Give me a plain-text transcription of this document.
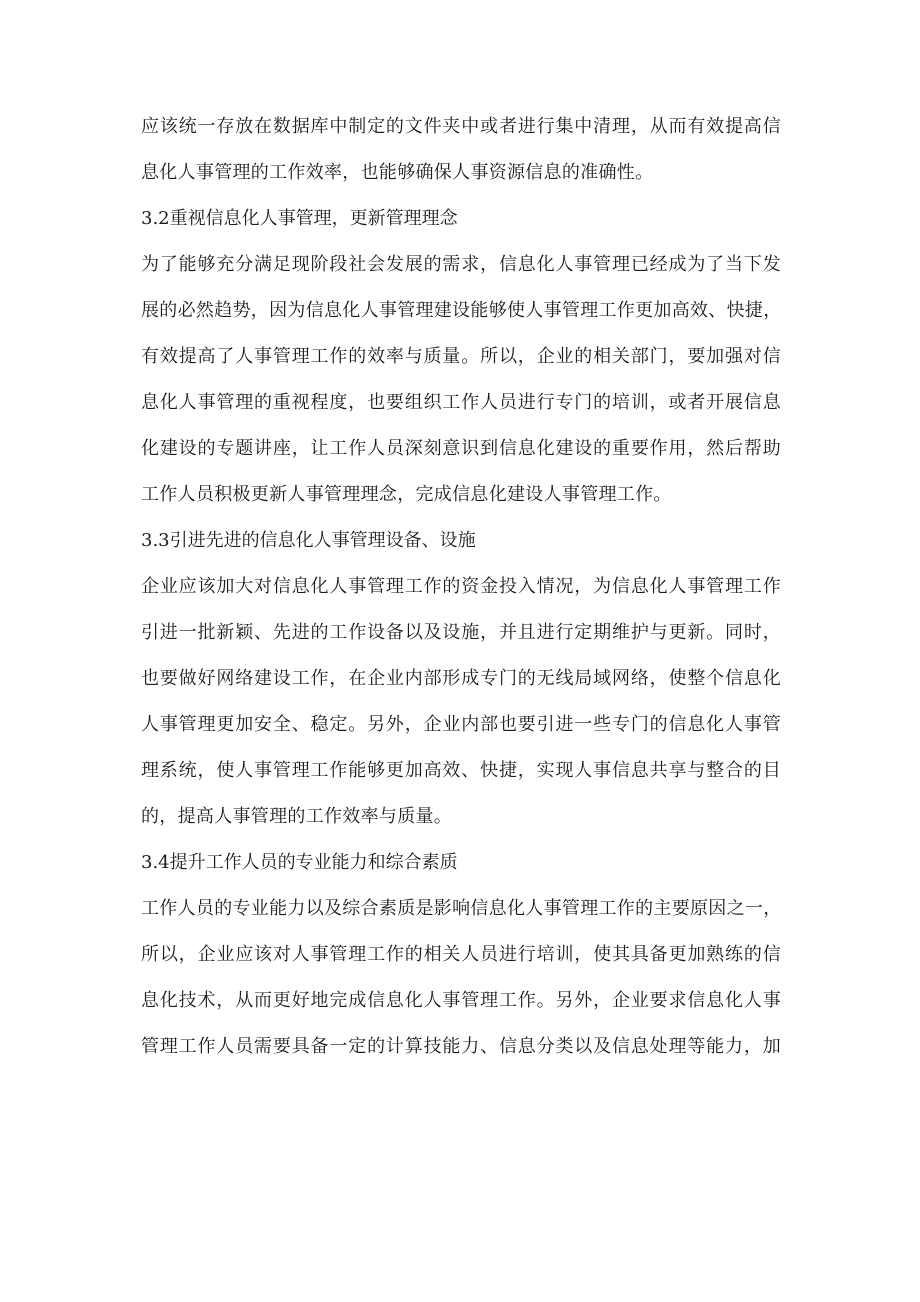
应该统一存放在数据库中制定的文件夹中或者进行集中清理，从而有效提高信
息化人事管理的工作效率，也能够确保人事资源信息的准确性。

3.2重视信息化人事管理，更新管理理念

为了能够充分满足现阶段社会发展的需求，信息化人事管理已经成为了当下发
展的必然趋势，因为信息化人事管理建设能够使人事管理工作更加高效、快捷，
有效提高了人事管理工作的效率与质量。所以，企业的相关部门，要加强对信
息化人事管理的重视程度，也要组织工作人员进行专门的培训，或者开展信息
化建设的专题讲座，让工作人员深刻意识到信息化建设的重要作用，然后帮助
工作人员积极更新人事管理理念，完成信息化建设人事管理工作。

3.3引进先进的信息化人事管理设备、设施

企业应该加大对信息化人事管理工作的资金投入情况，为信息化人事管理工作
引进一批新颖、先进的工作设备以及设施，并且进行定期维护与更新。同时，
也要做好网络建设工作，在企业内部形成专门的无线局域网络，使整个信息化
人事管理更加安全、稳定。另外，企业内部也要引进一些专门的信息化人事管
理系统，使人事管理工作能够更加高效、快捷，实现人事信息共享与整合的目
的，提高人事管理的工作效率与质量。

3.4提升工作人员的专业能力和综合素质

工作人员的专业能力以及综合素质是影响信息化人事管理工作的主要原因之一，
所以，企业应该对人事管理工作的相关人员进行培训，使其具备更加熟练的信
息化技术，从而更好地完成信息化人事管理工作。另外，企业要求信息化人事
管理工作人员需要具备一定的计算技能力、信息分类以及信息处理等能力，加
